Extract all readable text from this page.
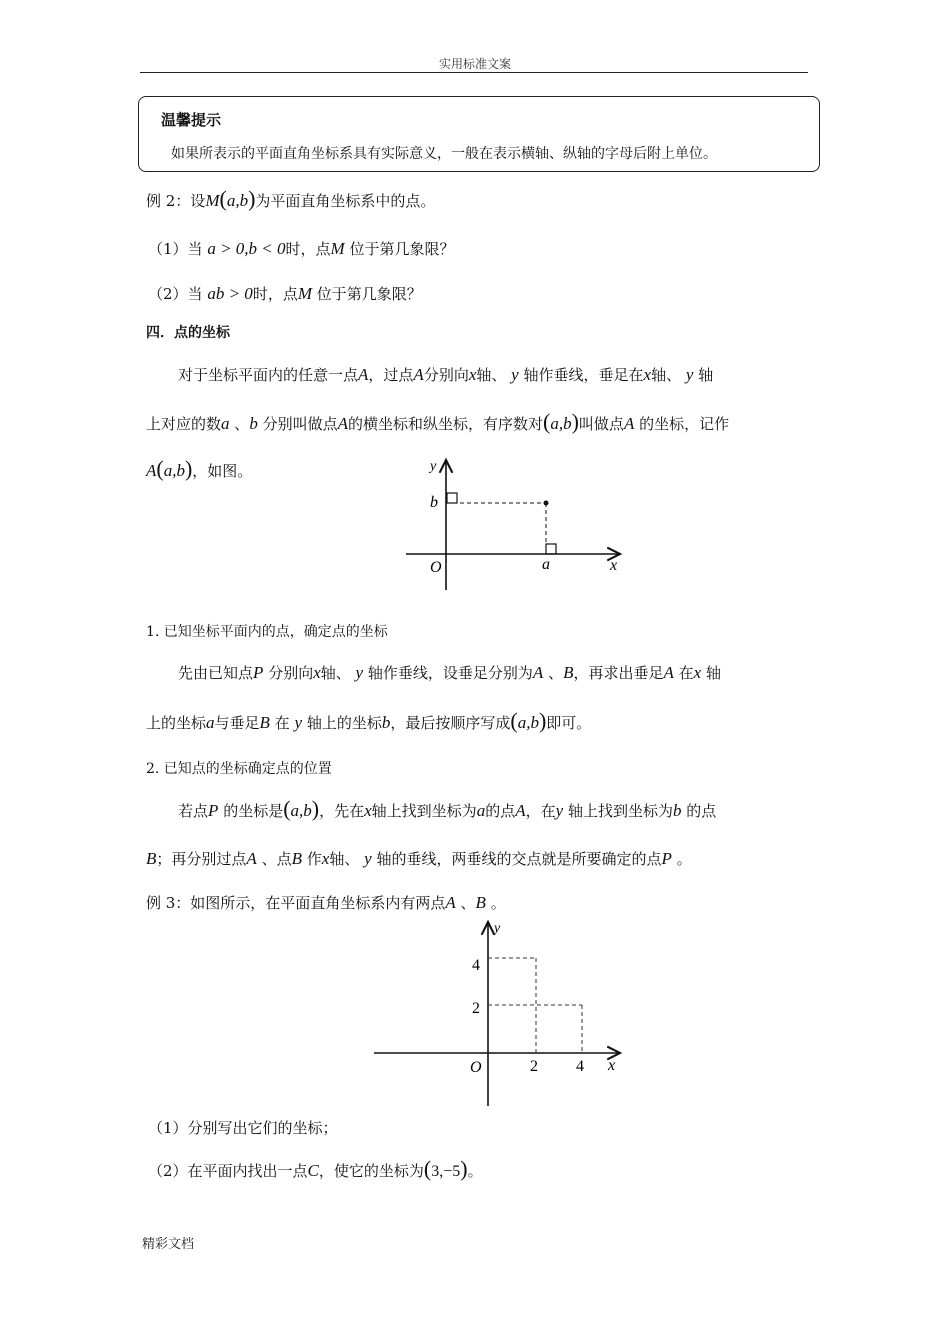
实用标准文案
温馨提示
如果所表示的平面直角坐标系具有实际意义，一般在表示横轴、纵轴的字母后附上单位。
例 2：设M(a,b)为平面直角坐标系中的点。
（1）当 a > 0,b < 0时，点M 位于第几象限？
（2）当 ab > 0时，点M 位于第几象限？
四．点的坐标
对于坐标平面内的任意一点A，过点A分别向x轴、 y 轴作垂线，垂足在x轴、 y 轴
上对应的数a 、b 分别叫做点A的横坐标和纵坐标，有序数对(a,b)叫做点A 的坐标，记作
A(a,b)，如图。	y
x
O
b
a
1. 已知坐标平面内的点，确定点的坐标
先由已知点P 分别向x轴、 y 轴作垂线，设垂足分别为A 、B，再求出垂足A 在x 轴
上的坐标a与垂足B 在 y 轴上的坐标b，最后按顺序写成(a,b)即可。
2. 已知点的坐标确定点的位置
若点P 的坐标是(a,b)，先在x轴上找到坐标为a的点A，在y 轴上找到坐标为b 的点
B；再分别过点A 、点B 作x轴、 y 轴的垂线，两垂线的交点就是所要确定的点P 。
例 3：如图所示，在平面直角坐标系内有两点A 、B 。
y
x
O
4
2
2 4
（1）分别写出它们的坐标；
（2）在平面内找出一点C，使它的坐标为(3,−5)。
精彩文档
